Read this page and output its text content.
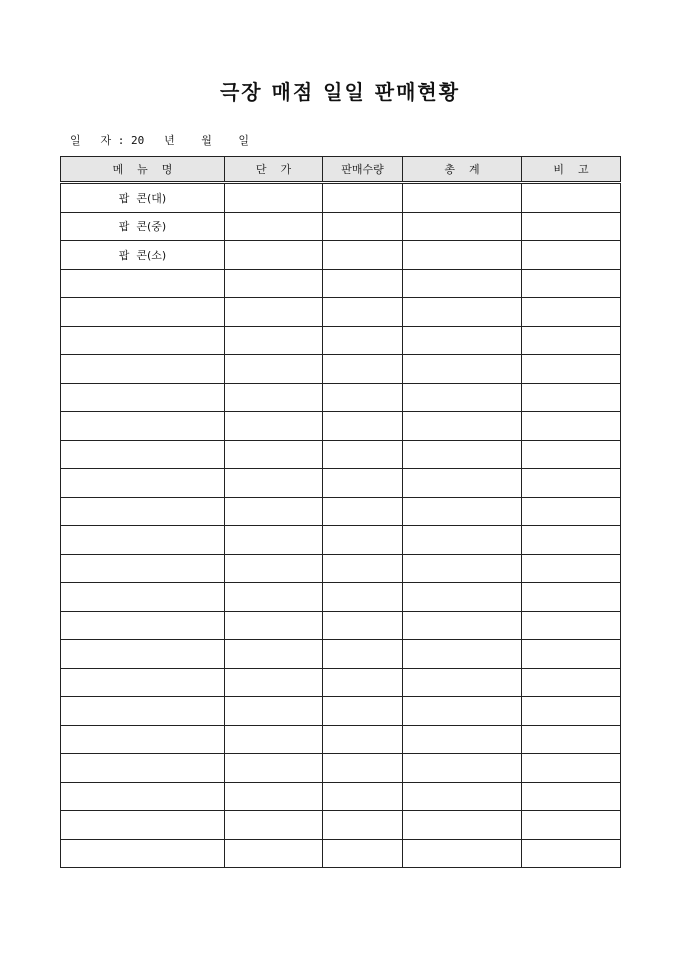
극장 매점 일일 판매현황
일   자 : 20   년    월    일
메    뉴    명	단    가	판매수량	총    계	비    고
팝  콘(대)				
팝  콘(중)				
팝  콘(소)				
